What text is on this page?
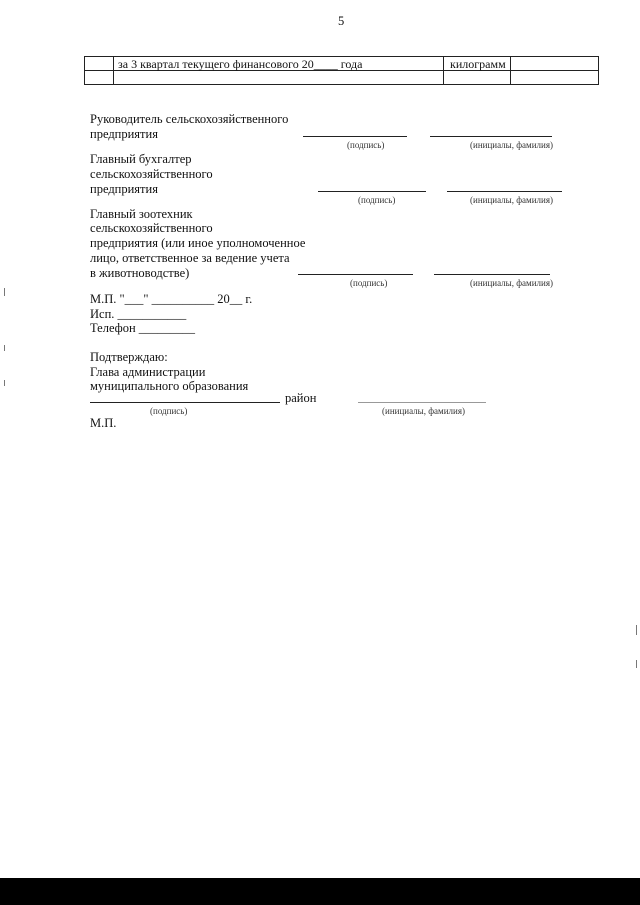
5
за 3 квартал текущего финансового 20____ года	килограмм
Руководитель сельскохозяйственного
предприятия
(подпись)	(инициалы, фамилия)
Главный бухгалтер
сельскохозяйственного
предприятия
(подпись)	(инициалы, фамилия)
Главный зоотехник
сельскохозяйственного
предприятия (или иное уполномоченное
лицо, ответственное за ведение учета
в животноводстве)
(подпись)	(инициалы, фамилия)
М.П. "___" __________ 20__ г.
Исп. ___________
Телефон _________
Подтверждаю:
Глава администрации
муниципального образования
район
(подпись)	(инициалы, фамилия)
М.П.
